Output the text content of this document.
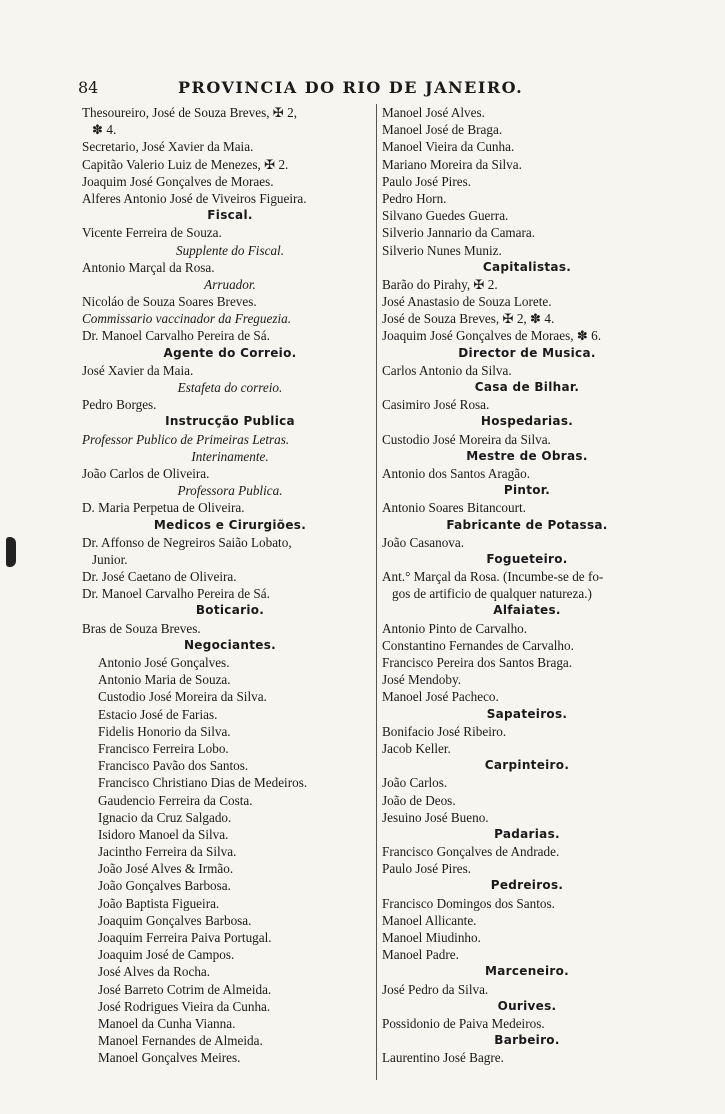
84	PROVINCIA DO RIO DE JANEIRO.
Thesoureiro, José de Souza Breves, ✠ 2,
✽ 4.
Secretario, José Xavier da Maia.
Capitão Valerio Luiz de Menezes, ✠ 2.
Joaquim José Gonçalves de Moraes.
Alferes Antonio José de Viveiros Figueira.
Fiscal.
Vicente Ferreira de Souza.
Supplente do Fiscal.
Antonio Marçal da Rosa.
Arruador.
Nicoláo de Souza Soares Breves.
Commissario vaccinador da Freguezia.
Dr. Manoel Carvalho Pereira de Sá.
Agente do Correio.
José Xavier da Maia.
Estafeta do correio.
Pedro Borges.
Instrucção Publica
Professor Publico de Primeiras Letras.
Interinamente.
João Carlos de Oliveira.
Professora Publica.
D. Maria Perpetua de Oliveira.
Medicos e Cirurgiões.
Dr. Affonso de Negreiros Saião Lobato,
Junior.
Dr. José Caetano de Oliveira.
Dr. Manoel Carvalho Pereira de Sá.
Boticario.
Bras de Souza Breves.
Negociantes.
Antonio José Gonçalves.
Antonio Maria de Souza.
Custodio José Moreira da Silva.
Estacio José de Farias.
Fidelis Honorio da Silva.
Francisco Ferreira Lobo.
Francisco Pavão dos Santos.
Francisco Christiano Dias de Medeiros.
Gaudencio Ferreira da Costa.
Ignacio da Cruz Salgado.
Isidoro Manoel da Silva.
Jacintho Ferreira da Silva.
João José Alves & Irmão.
João Gonçalves Barbosa.
João Baptista Figueira.
Joaquim Gonçalves Barbosa.
Joaquim Ferreira Paiva Portugal.
Joaquim José de Campos.
José Alves da Rocha.
José Barreto Cotrim de Almeida.
José Rodrigues Vieira da Cunha.
Manoel da Cunha Vianna.
Manoel Fernandes de Almeida.
Manoel Gonçalves Meires.
Manoel José Alves.
Manoel José de Braga.
Manoel Vieira da Cunha.
Mariano Moreira da Silva.
Paulo José Pires.
Pedro Horn.
Silvano Guedes Guerra.
Silverio Jannario da Camara.
Silverio Nunes Muniz.
Capitalistas.
Barão do Pirahy, ✠ 2.
José Anastasio de Souza Lorete.
José de Souza Breves, ✠ 2, ✽ 4.
Joaquim José Gonçalves de Moraes, ✽ 6.
Director de Musica.
Carlos Antonio da Silva.
Casa de Bilhar.
Casimiro José Rosa.
Hospedarias.
Custodio José Moreira da Silva.
Mestre de Obras.
Antonio dos Santos Aragão.
Pintor.
Antonio Soares Bitancourt.
Fabricante de Potassa.
João Casanova.
Fogueteiro.
Ant.° Marçal da Rosa. (Incumbe-se de fo-
gos de artificio de qualquer natureza.)
Alfaiates.
Antonio Pinto de Carvalho.
Constantino Fernandes de Carvalho.
Francisco Pereira dos Santos Braga.
José Mendoby.
Manoel José Pacheco.
Sapateiros.
Bonifacio José Ribeiro.
Jacob Keller.
Carpinteiro.
João Carlos.
João de Deos.
Jesuino José Bueno.
Padarias.
Francisco Gonçalves de Andrade.
Paulo José Pires.
Pedreiros.
Francisco Domingos dos Santos.
Manoel Allicante.
Manoel Miudinho.
Manoel Padre.
Marceneiro.
José Pedro da Silva.
Ourives.
Possidonio de Paiva Medeiros.
Barbeiro.
Laurentino José Bagre.
